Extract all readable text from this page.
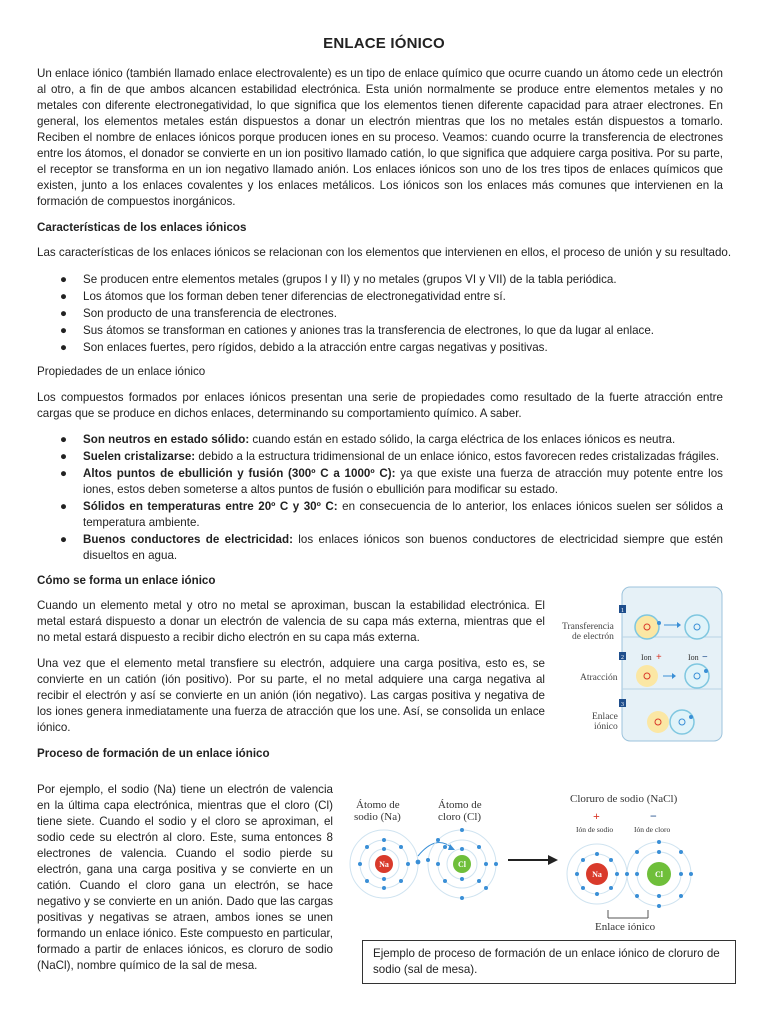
ENLACE IÓNICO

Un enlace iónico (también llamado enlace electrovalente) es un tipo de enlace químico que ocurre cuando un átomo cede un electrón al otro, a fin de que ambos alcancen estabilidad electrónica. Esta unión normalmente se produce entre elementos metales y no metales con diferente electronegatividad, lo que significa que los elementos tienen diferente capacidad para atraer electrones. En general, los elementos metales están dispuestos a donar un electrón mientras que los no metales están dispuestos a tomarlo. Reciben el nombre de enlaces iónicos porque producen iones en su proceso. Veamos: cuando ocurre la transferencia de electrones entre los átomos, el donador se convierte en un ion positivo llamado catión, lo que significa que adquiere carga positiva. Por su parte, el receptor se transforma en un ion negativo llamado anión. Los enlaces iónicos son uno de los tres tipos de enlaces químicos que existen, junto a los enlaces covalentes y los enlaces metálicos. Los iónicos son los enlaces más comunes que intervienen en la formación de compuestos inorgánicos.

Características de los enlaces iónicos

Las características de los enlaces iónicos se relacionan con los elementos que intervienen en ellos, el proceso de unión y su resultado.

● Se producen entre elementos metales (grupos I y II) y no metales (grupos VI y VII) de la tabla periódica.
● Los átomos que los forman deben tener diferencias de electronegatividad entre sí.
● Son producto de una transferencia de electrones.
● Sus átomos se transforman en cationes y aniones tras la transferencia de electrones, lo que da lugar al enlace.
● Son enlaces fuertes, pero rígidos, debido a la atracción entre cargas negativas y positivas.

Propiedades de un enlace iónico

Los compuestos formados por enlaces iónicos presentan una serie de propiedades como resultado de la fuerte atracción entre cargas que se produce en dichos enlaces, determinando su comportamiento químico. A saber.

● Son neutros en estado sólido: cuando están en estado sólido, la carga eléctrica de los enlaces iónicos es neutra.
● Suelen cristalizarse: debido a la estructura tridimensional de un enlace iónico, estos favorecen redes cristalizadas frágiles.
● Altos puntos de ebullición y fusión (300º C a 1000º C): ya que existe una fuerza de atracción muy potente entre los iones, estos deben someterse a altos puntos de fusión o ebullición para modificar su estado.
● Sólidos en temperaturas entre 20º C y 30º C: en consecuencia de lo anterior, los enlaces iónicos suelen ser sólidos a temperatura ambiente.
● Buenos conductores de electricidad: los enlaces iónicos son buenos conductores de electricidad siempre que estén disueltos en agua.

Cómo se forma un enlace iónico

Cuando un elemento metal y otro no metal se aproximan, buscan la estabilidad electrónica. El metal estará dispuesto a donar un electrón de valencia de su capa más externa, mientras que el no metal estará dispuesto a recibir dicho electrón en su capa más externa.

Una vez que el elemento metal transfiere su electrón, adquiere una carga positiva, esto es, se convierte en un catión (ión positivo). Por su parte, el no metal adquiere una carga negativa al recibir el electrón y así se convierte en un anión (ión negativo). Las cargas positiva y negativa de los iones genera inmediatamente una fuerza de atracción que los une. Así, se consolida un enlace iónico.

1
2
3
Transferencia
de electrón
Atracción
Enlace
iónico
Ion +	Ion −

Proceso de formación de un enlace iónico

Por ejemplo, el sodio (Na) tiene un electrón de valencia en la última capa electrónica, mientras que el cloro (Cl) tiene siete. Cuando el sodio y el cloro se aproximan, el sodio cede su electrón al cloro. Este, suma entonces 8 electrones de valencia. Cuando el sodio pierde su electrón, gana una carga positiva y se convierte en un catión. Cuando el cloro gana un electrón, se hace negativo y se convierte en un anión. Dado que las cargas positivas y negativas se atraen, ambos iones se unen formando un enlace iónico. Este compuesto en particular, formado a partir de enlaces iónicos, es cloruro de sodio (NaCl), nombre químico de la sal de mesa.

Átomo de
sodio (Na)
Na
Átomo de
cloro (Cl)
Cl
Cloruro de sodio (NaCl)
+	−
Ión de sodio	Ión de cloro
Na	Cl
Enlace iónico
Ejemplo de proceso de formación de un enlace iónico de cloruro de sodio (sal de mesa).
